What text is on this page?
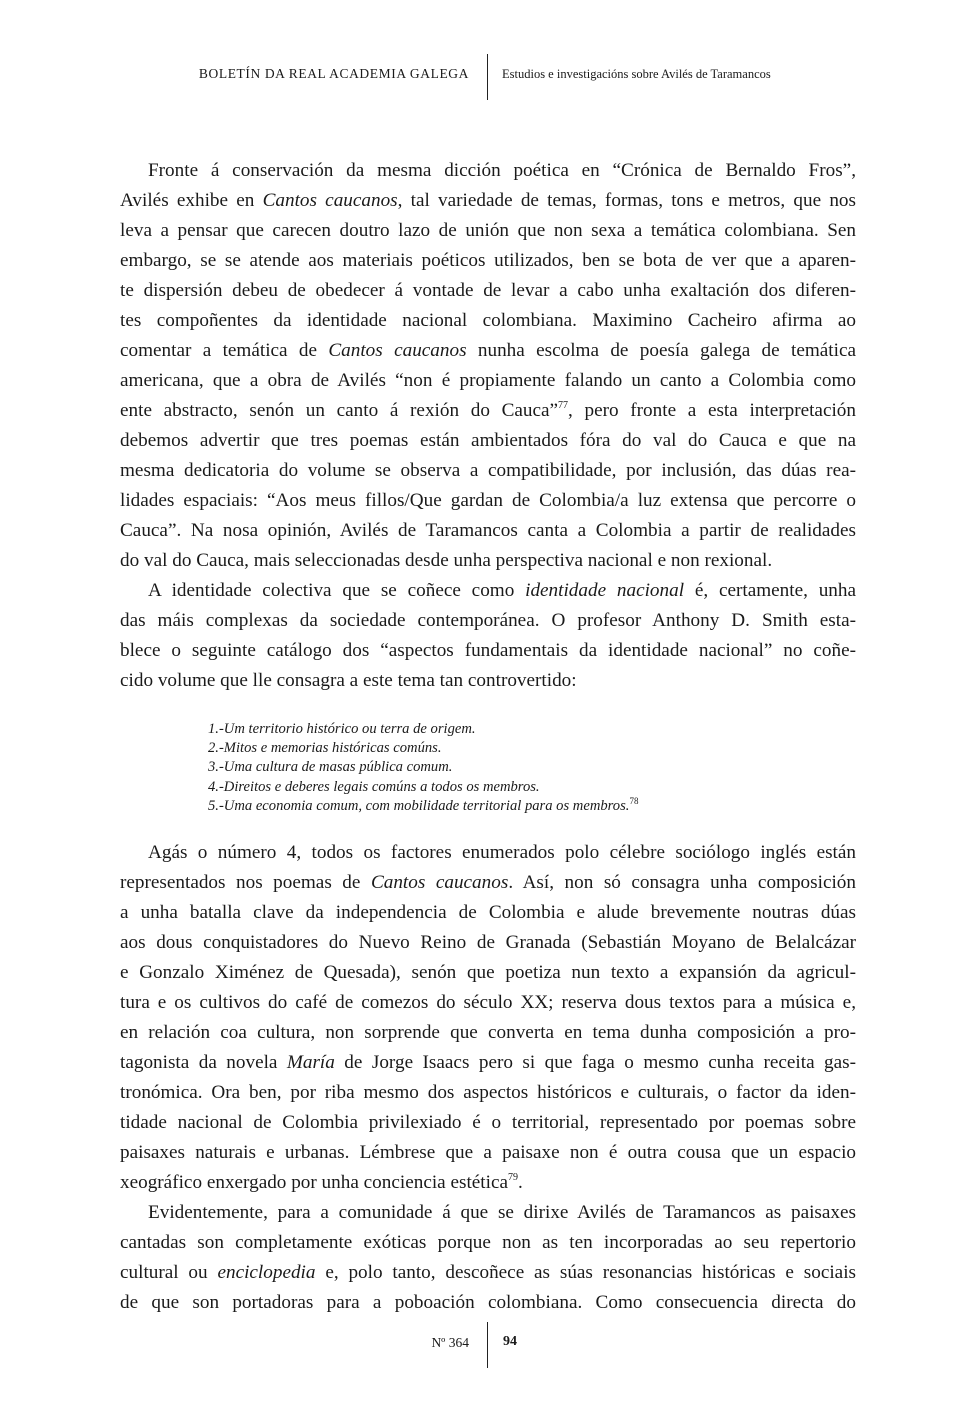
BOLETÍN DA REAL ACADEMIA GALEGA	Estudios e investigacións sobre Avilés de Taramancos
Fronte á conservación da mesma dicción poética en “Crónica de Bernaldo Fros”,
Avilés exhibe en Cantos caucanos, tal variedade de temas, formas, tons e metros, que nos
leva a pensar que carecen doutro lazo de unión que non sexa a temática colombiana. Sen
embargo, se se atende aos materiais poéticos utilizados, ben se bota de ver que a aparen-
te dispersión debeu de obedecer á vontade de levar a cabo unha exaltación dos diferen-
tes compoñentes da identidade nacional colombiana. Maximino Cacheiro afirma ao
comentar a temática de Cantos caucanos nunha escolma de poesía galega de temática
americana, que a obra de Avilés “non é propiamente falando un canto a Colombia como
ente abstracto, senón un canto á rexión do Cauca”$^{77}$, pero fronte a esta interpretación
debemos advertir que tres poemas están ambientados fóra do val do Cauca e que na
mesma dedicatoria do volume se observa a compatibilidade, por inclusión, das dúas rea-
lidades espaciais: “Aos meus fillos/Que gardan de Colombia/a luz extensa que percorre o
Cauca”. Na nosa opinión, Avilés de Taramancos canta a Colombia a partir de realidades
do val do Cauca, mais seleccionadas desde unha perspectiva nacional e non rexional.
A identidade colectiva que se coñece como identidade nacional é, certamente, unha
das máis complexas da sociedade contemporánea. O profesor Anthony D. Smith esta-
blece o seguinte catálogo dos “aspectos fundamentais da identidade nacional” no coñe-
cido volume que lle consagra a este tema tan controvertido:
1.-Um territorio histórico ou terra de origem.
2.-Mitos e memorias históricas comúns.
3.-Uma cultura de masas pública comum.
4.-Direitos e deberes legais comúns a todos os membros.
5.-Uma economia comum, com mobilidade territorial para os membros.$^{78}$
Agás o número 4, todos os factores enumerados polo célebre sociólogo inglés están
representados nos poemas de Cantos caucanos. Así, non só consagra unha composición
a unha batalla clave da independencia de Colombia e alude brevemente noutras dúas
aos dous conquistadores do Nuevo Reino de Granada (Sebastián Moyano de Belalcázar
e Gonzalo Ximénez de Quesada), senón que poetiza nun texto a expansión da agricul-
tura e os cultivos do café de comezos do século XX; reserva dous textos para a música e,
en relación coa cultura, non sorprende que converta en tema dunha composición a pro-
tagonista da novela María de Jorge Isaacs pero si que faga o mesmo cunha receita gas-
tronómica. Ora ben, por riba mesmo dos aspectos históricos e culturais, o factor da iden-
tidade nacional de Colombia privilexiado é o territorial, representado por poemas sobre
paisaxes naturais e urbanas. Lémbrese que a paisaxe non é outra cousa que un espacio
xeográfico enxergado por unha conciencia estética$^{79}$.
Evidentemente, para a comunidade á que se dirixe Avilés de Taramancos as paisaxes
cantadas son completamente exóticas porque non as ten incorporadas ao seu repertorio
cultural ou enciclopedia e, polo tanto, descoñece as súas resonancias históricas e sociais
de que son portadoras para a poboación colombiana. Como consecuencia directa do
Nº 364 94
